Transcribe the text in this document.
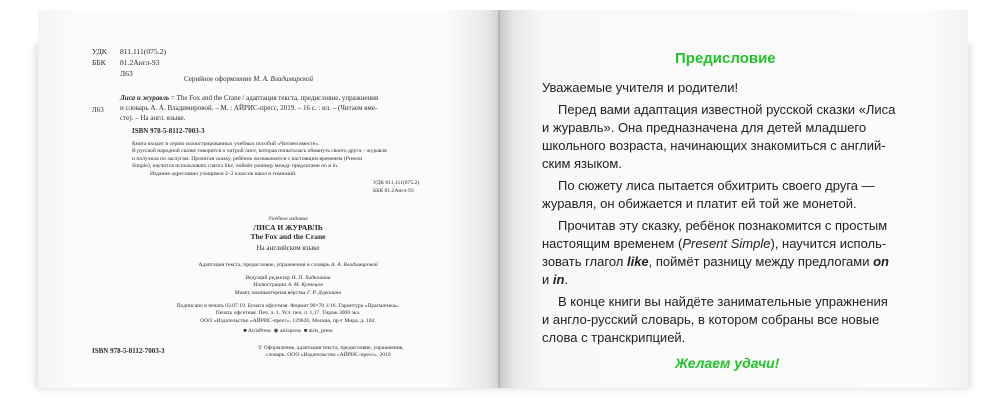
УДК 811.111(075.2)
ББК 81.2Англ-93
Л63
Серийное оформление М. А. Владимирской
Л63
Лиса и журавль = The Fox and the Crane / адаптация текста, предисловие, упражнения
и словарь А. А. Владимировой. – М. : АЙРИС-пресс, 2019. – 16 с. : ил. – (Читаем вме-
сте). – На англ. языке.
ISBN 978-5-8112-7003-3
Книга входит в серию иллюстрированных учебных пособий «Читаем вместе».
В русской народной сказке говорится о хитрой лисе, которая попыталась обмануть своего друга – журавля
и получила по заслугам. Прочитав сказку, ребёнок познакомится с настоящим временем (Present
Simple), научится использовать глагол like, поймёт разницу между предлогами on и in.
Издание адресовано учащимся 2–3 классов школ и гимназий.
УДК 811.111(075.2)
ББК 81.2Англ-93
Учебное издание
ЛИСА И ЖУРАВЛЬ
The Fox and the Crane
На английском языке
Адаптация текста, предисловие, упражнения и словарь А. А. Владимировой
Ведущий редактор Н. П. Ходюшина
Иллюстрации А. М. Кузнецов
Макет, компьютерная вёрстка Г. Р. Доронина
Подписано в печать 03.07.19. Бумага офсетная. Формат 90×70 1/16. Гарнитура «Прагматика».
Печать офсетная. Печ. л. 1. Усл. печ. л. 1,17. Тираж 3000 экз.
ООО «Издательство «АЙРИС-пресс», 129626, Москва, пр-т Мира, д. 104.
■ AirisPress ◉ airispress ■ airis_press
ISBN 978-5-8112-7003-3	© Оформление, адаптация текста, предисловие, упражнения,
словарь. ООО «Издательство «АЙРИС-пресс», 2019
Предисловие
Уважаемые учителя и родители!
Перед вами адаптация известной русской сказки «Лиса
и журавль». Она предназначена для детей младшего
школьного возраста, начинающих знакомиться с англий-
ским языком.
По сюжету лиса пытается обхитрить своего друга —
журавля, он обижается и платит ей той же монетой.
Прочитав эту сказку, ребёнок познакомится с простым
настоящим временем (Present Simple), научится исполь-
зовать глагол like, поймёт разницу между предлогами on
и in.
В конце книги вы найдёте занимательные упражнения
и англо-русский словарь, в котором собраны все новые
слова с транскрипцией.
Желаем удачи!
